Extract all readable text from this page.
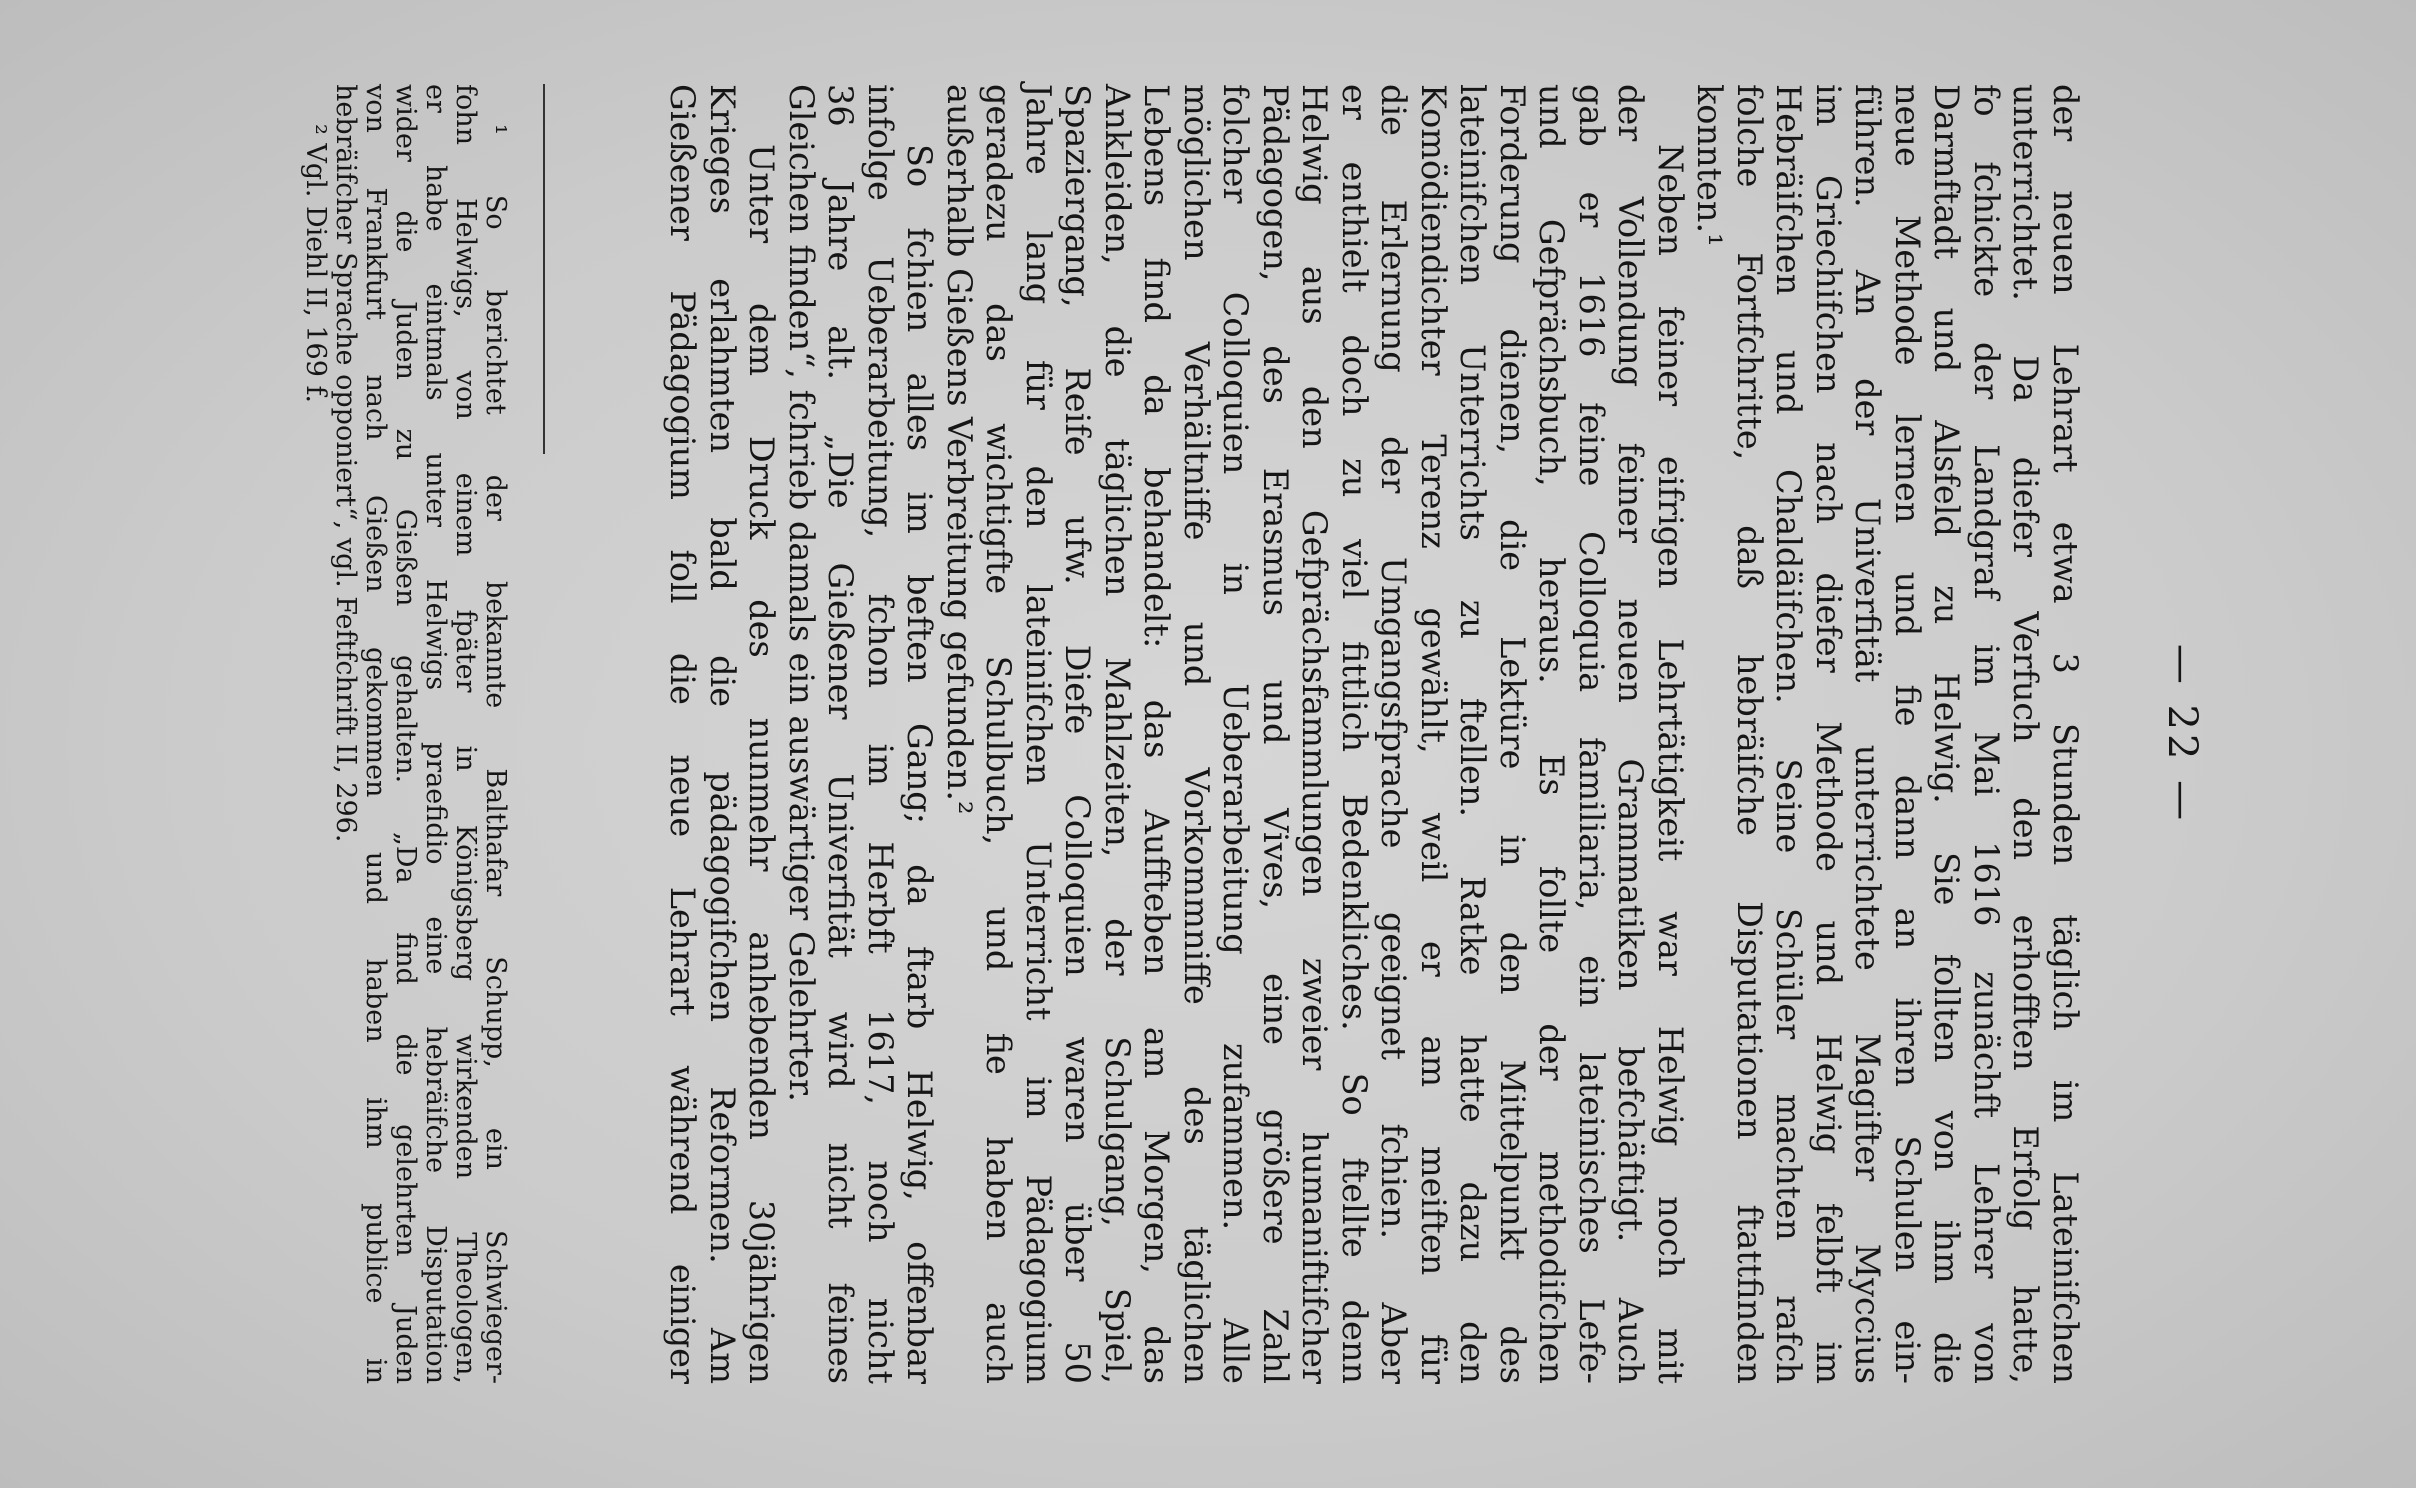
— 22 —

der neuen Lehrart etwa 3 Stunden täglich im Lateinifchen
unterrichtet. Da diefer Verfuch den erhofften Erfolg hatte,
fo fchickte der Landgraf im Mai 1616 zunächft Lehrer von
Darmftadt und Alsfeld zu Helwig. Sie follten von ihm die
neue Methode lernen und fie dann an ihren Schulen ein-
führen. An der Univerfität unterrichtete Magifter Myccius
im Griechifchen nach diefer Methode und Helwig felbft im
Hebräifchen und Chaldäifchen. Seine Schüler machten rafch
folche Fortfchritte, daß hebräifche Disputationen ftattfinden
konnten.¹

Neben feiner eifrigen Lehrtätigkeit war Helwig noch mit
der Vollendung feiner neuen Grammatiken befchäftigt. Auch
gab er 1616 feine Colloquia familiaria, ein lateinisches Lefe-
und Gefprächsbuch, heraus. Es follte der methodifchen
Forderung dienen, die Lektüre in den Mittelpunkt des
lateinifchen Unterrichts zu ftellen. Ratke hatte dazu den
Komödiendichter Terenz gewählt, weil er am meiften für
die Erlernung der Umgangsfprache geeignet fchien. Aber
er enthielt doch zu viel fittlich Bedenkliches. So ftellte denn
Helwig aus den Gefprächsfammlungen zweier humaniftifcher
Pädagogen, des Erasmus und Vives, eine größere Zahl
folcher Colloquien in Ueberarbeitung zufammen. Alle
möglichen Verhältniffe und Vorkommniffe des täglichen
Lebens find da behandelt: das Auffteben am Morgen, das
Ankleiden, die täglichen Mahlzeiten, der Schulgang, Spiel,
Spaziergang, Reife ufw. Diefe Colloquien waren über 50
Jahre lang für den lateinifchen Unterricht im Pädagogium
geradezu das wichtigfte Schulbuch, und fie haben auch
außerhalb Gießens Verbreitung gefunden.²

So fchien alles im beften Gang; da ftarb Helwig, offenbar
infolge Ueberarbeitung, fchon im Herbft 1617, noch nicht
36 Jahre alt. „Die Gießener Univerfität wird nicht feines
Gleichen finden“, fchrieb damals ein auswärtiger Gelehrter.

Unter dem Druck des nunmehr anhebenden 30jährigen
Krieges erlahmten bald die pädagogifchen Reformen. Am
Gießener Pädagogium foll die neue Lehrart während einiger

¹ So berichtet der bekannte Balthafar Schupp, ein Schwieger-
fohn Helwigs, von einem fpäter in Königsberg wirkenden Theologen,
er habe eintmals unter Helwigs praefidio eine hebräifche Disputation
wider die Juden zu Gießen gehalten. „Da find die gelehrten Juden
von Frankfurt nach Gießen gekommen und haben ihm publice in
hebräifcher Sprache opponiert“, vgl. Feftfchrift II, 296.

² Vgl. Diehl II, 169 f.
